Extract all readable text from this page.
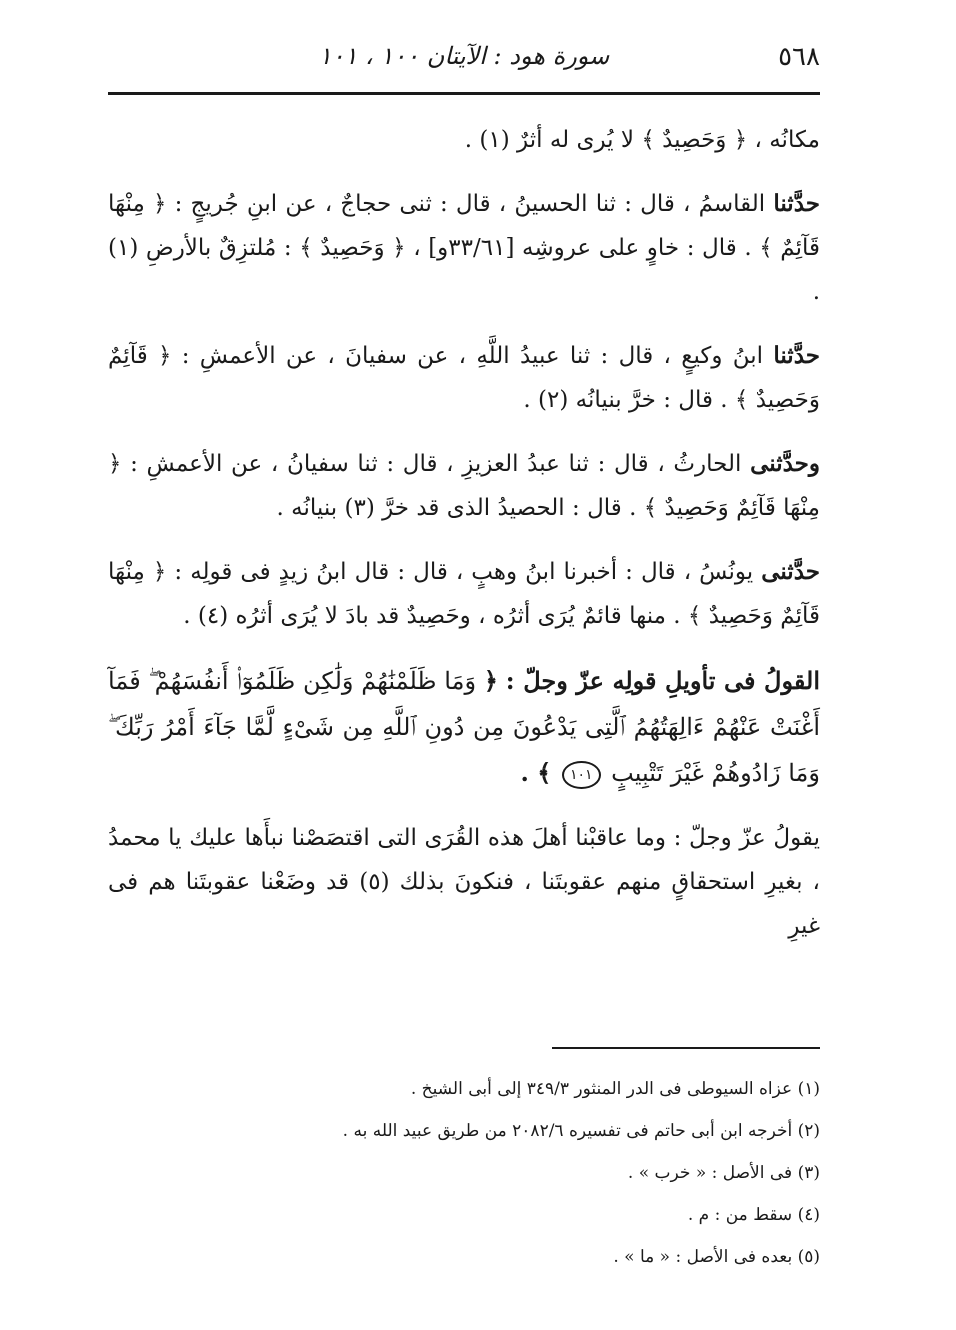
٥٦٨
سورة هود : الآيتان ١٠٠ ، ١٠١

مكانُه ، ﴿ وَحَصِيدٌ ﴾ لا يُرى له أثرٌ (١) .

حدَّثنا القاسمُ ، قال : ثنا الحسينُ ، قال : ثنى حجاجٌ ، عن ابنِ جُريجٍ : ﴿ مِنْهَا قَآئِمٌ ﴾ . قال : خاوٍ على عروشِه [٣٣/٦١و] ، ﴿ وَحَصِيدٌ ﴾ : مُلتزِقٌ بالأرضِ (١) .

حدَّثنا ابنُ وكيعٍ ، قال : ثنا عبيدُ اللَّهِ ، عن سفيانَ ، عن الأعمشِ : ﴿ قَآئِمٌ وَحَصِيدٌ ﴾ . قال : خرَّ بنيانُه (٢) .

وحدَّثنى الحارثُ ، قال : ثنا عبدُ العزيزِ ، قال : ثنا سفيانُ ، عن الأعمشِ : ﴿ مِنْهَا قَآئِمٌ وَحَصِيدٌ ﴾ . قال : الحصيدُ الذى قد خرَّ (٣) بنيانُه .

حدَّثنى يونُسُ ، قال : أخبرنا ابنُ وهبٍ ، قال : قال ابنُ زيدٍ فى قولِه : ﴿ مِنْهَا قَآئِمٌ وَحَصِيدٌ ﴾ . منها قائمٌ يُرَى أثرُه ، وحَصِيدٌ قد بادَ لا يُرَى أثرُه (٤) .

القولُ فى تأويلِ قولِه عزّ وجلّ : ﴿ وَمَا ظَلَمْنَٰهُمْ وَلَٰكِن ظَلَمُوٓا۟ أَنفُسَهُمْ ۖ فَمَآ أَغْنَتْ عَنْهُمْ ءَالِهَتُهُمُ ٱلَّتِى يَدْعُونَ مِن دُونِ ٱللَّهِ مِن شَىْءٍ لَّمَّا جَآءَ أَمْرُ رَبِّكَ ۖ وَمَا زَادُوهُمْ غَيْرَ تَتْبِيبٍ ١٠١ ﴾ .

يقولُ عزّ وجلّ : وما عاقبْنا أهلَ هذه القُرَى التى اقتصَصْنا نبأَها عليك يا محمدُ ، بغيرِ استحقاقٍ منهم عقوبتَنا ، فنكونَ بذلك (٥) قد وضَعْنا عقوبتَنا هم فى غيرِ

(١) عزاه السيوطى فى الدر المنثور ٣٤٩/٣ إلى أبى الشيخ .

(٢) أخرجه ابن أبى حاتم فى تفسيره ٢٠٨٢/٦ من طريق عبيد الله به .

(٣) فى الأصل : « خرب » .

(٤) سقط من : م .

(٥) بعده فى الأصل : « ما » .
